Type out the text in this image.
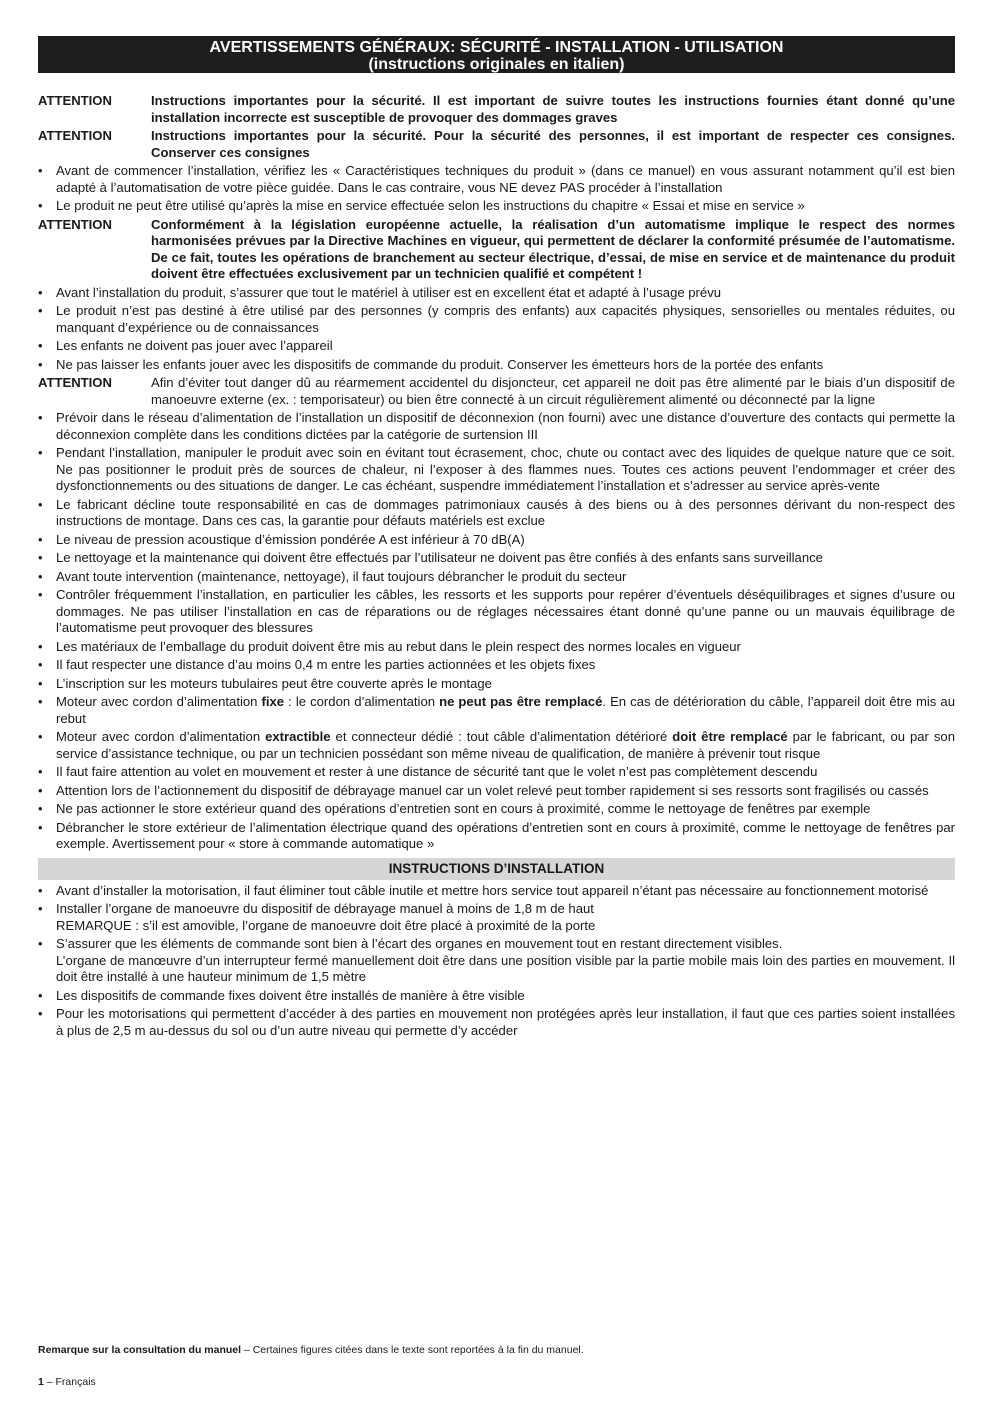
AVERTISSEMENTS GÉNÉRAUX: SÉCURITÉ - INSTALLATION - UTILISATION
(instructions originales en italien)
ATTENTION	Instructions importantes pour la sécurité. Il est important de suivre toutes les instructions fournies étant donné qu’une installation incorrecte est susceptible de provoquer des dommages graves
ATTENTION	Instructions importantes pour la sécurité. Pour la sécurité des personnes, il est important de respecter ces consignes. Conserver ces consignes
•	Avant de commencer l’installation, vérifiez les « Caractéristiques techniques du produit » (dans ce manuel) en vous assurant notamment qu’il est bien adapté à l’automatisation de votre pièce guidée. Dans le cas contraire, vous NE devez PAS procéder à l’installation
•	Le produit ne peut être utilisé qu’après la mise en service effectuée selon les instructions du chapitre « Essai et mise en service »
ATTENTION	Conformément à la législation européenne actuelle, la réalisation d’un automatisme implique le respect des normes harmonisées prévues par la Directive Machines en vigueur, qui permettent de déclarer la conformité présumée de l’automatisme. De ce fait, toutes les opérations de branchement au secteur électrique, d’essai, de mise en service et de maintenance du produit doivent être effectuées exclusivement par un technicien qualifié et compétent !
•	Avant l’installation du produit, s’assurer que tout le matériel à utiliser est en excellent état et adapté à l’usage prévu
•	Le produit n’est pas destiné à être utilisé par des personnes (y compris des enfants) aux capacités physiques, sensorielles ou mentales réduites, ou manquant d’expérience ou de connaissances
•	Les enfants ne doivent pas jouer avec l’appareil
•	Ne pas laisser les enfants jouer avec les dispositifs de commande du produit. Conserver les émetteurs hors de la portée des enfants
ATTENTION	Afin d’éviter tout danger dû au réarmement accidentel du disjoncteur, cet appareil ne doit pas être alimenté par le biais d’un dispositif de manoeuvre externe (ex. : temporisateur) ou bien être connecté à un circuit régulièrement alimenté ou déconnecté par la ligne
•	Prévoir dans le réseau d’alimentation de l’installation un dispositif de déconnexion (non fourni) avec une distance d’ouverture des contacts qui permette la déconnexion complète dans les conditions dictées par la catégorie de surtension III
•	Pendant l’installation, manipuler le produit avec soin en évitant tout écrasement, choc, chute ou contact avec des liquides de quelque nature que ce soit. Ne pas positionner le produit près de sources de chaleur, ni l’exposer à des flammes nues. Toutes ces actions peuvent l’endommager et créer des dysfonctionnements ou des situations de danger. Le cas échéant, suspendre immédiatement l’installation et s’adresser au service après-vente
•	Le fabricant décline toute responsabilité en cas de dommages patrimoniaux causés à des biens ou à des personnes dérivant du non-respect des instructions de montage. Dans ces cas, la garantie pour défauts matériels est exclue
•	Le niveau de pression acoustique d’émission pondérée A est inférieur à 70 dB(A)
•	Le nettoyage et la maintenance qui doivent être effectués par l’utilisateur ne doivent pas être confiés à des enfants sans surveillance
•	Avant toute intervention (maintenance, nettoyage), il faut toujours débrancher le produit du secteur
•	Contrôler fréquemment l’installation, en particulier les câbles, les ressorts et les supports pour repérer d’éventuels déséquilibrages et signes d’usure ou dommages. Ne pas utiliser l’installation en cas de réparations ou de réglages nécessaires étant donné qu’une panne ou un mauvais équilibrage de l’automatisme peut provoquer des blessures
•	Les matériaux de l’emballage du produit doivent être mis au rebut dans le plein respect des normes locales en vigueur
•	Il faut respecter une distance d’au moins 0,4 m entre les parties actionnées et les objets fixes
•	L’inscription sur les moteurs tubulaires peut être couverte après le montage
•	Moteur avec cordon d’alimentation fixe : le cordon d’alimentation ne peut pas être remplacé. En cas de détérioration du câble, l’appareil doit être mis au rebut
•	Moteur avec cordon d’alimentation extractible et connecteur dédié : tout câble d’alimentation détérioré doit être remplacé par le fabricant, ou par son service d’assistance technique, ou par un technicien possédant son même niveau de qualification, de manière à prévenir tout risque
•	Il faut faire attention au volet en mouvement et rester à une distance de sécurité tant que le volet n’est pas complètement descendu
•	Attention lors de l’actionnement du dispositif de débrayage manuel car un volet relevé peut tomber rapidement si ses ressorts sont fragilisés ou cassés
•	Ne pas actionner le store extérieur quand des opérations d’entretien sont en cours à proximité, comme le nettoyage de fenêtres par exemple
•	Débrancher le store extérieur de l’alimentation électrique quand des opérations d’entretien sont en cours à proximité, comme le nettoyage de fenêtres par exemple. Avertissement pour « store à commande automatique »
INSTRUCTIONS D’INSTALLATION
•	Avant d’installer la motorisation, il faut éliminer tout câble inutile et mettre hors service tout appareil n’étant pas nécessaire au fonctionnement motorisé
•	Installer l’organe de manoeuvre du dispositif de débrayage manuel à moins de 1,8 m de haut
REMARQUE : s’il est amovible, l’organe de manoeuvre doit être placé à proximité de la porte
•	S’assurer que les éléments de commande sont bien à l’écart des organes en mouvement tout en restant directement visibles.
L’organe de manœuvre d’un interrupteur fermé manuellement doit être dans une position visible par la partie mobile mais loin des parties en mouvement. Il doit être installé à une hauteur minimum de 1,5 mètre
•	Les dispositifs de commande fixes doivent être installés de manière à être visible
•	Pour les motorisations qui permettent d’accéder à des parties en mouvement non protégées après leur installation, il faut que ces parties soient installées à plus de 2,5 m au-dessus du sol ou d’un autre niveau qui permette d’y accéder
Remarque sur la consultation du manuel – Certaines figures citées dans le texte sont reportées à la fin du manuel.
1 – Français
